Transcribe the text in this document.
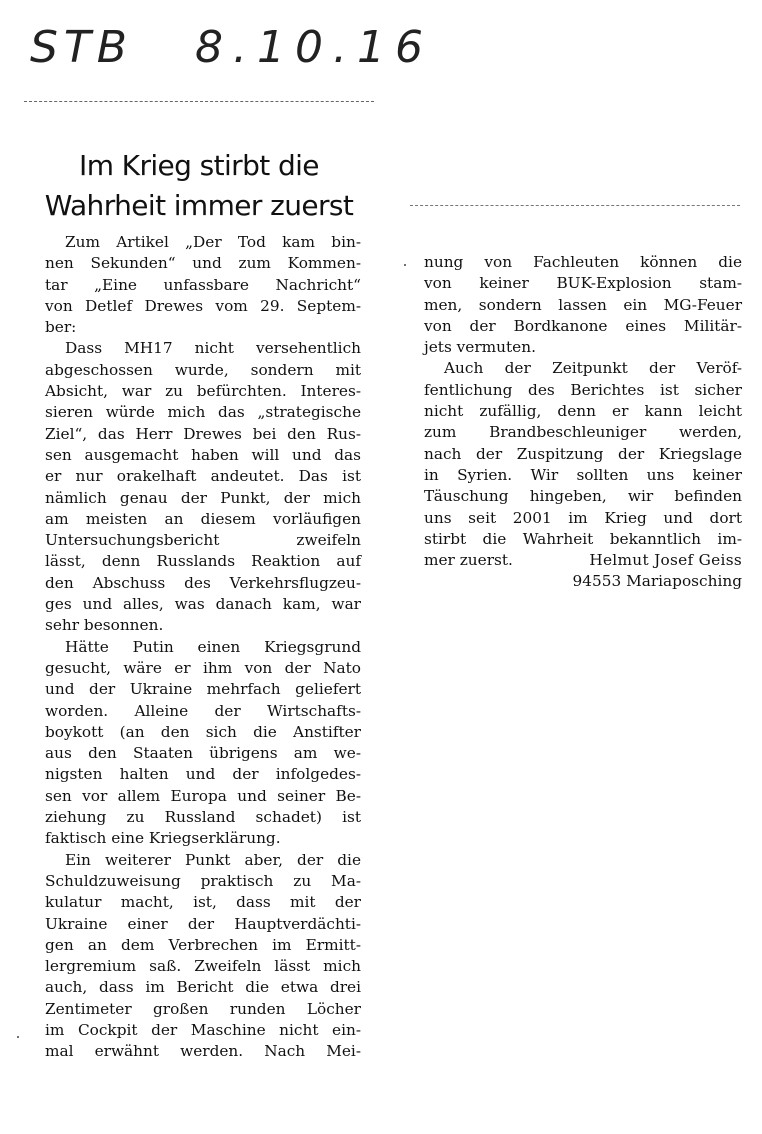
STB 8.10.16
Im Krieg stirbt die
Wahrheit immer zuerst
Zum Artikel „Der Tod kam bin-
nen Sekunden“ und zum Kommen-
tar „Eine unfassbare Nachricht“
von Detlef Drewes vom 29. Septem-
ber:
Dass MH17 nicht versehentlich
abgeschossen wurde, sondern mit
Absicht, war zu befürchten. Interes-
sieren würde mich das „strategische
Ziel“, das Herr Drewes bei den Rus-
sen ausgemacht haben will und das
er nur orakelhaft andeutet. Das ist
nämlich genau der Punkt, der mich
am meisten an diesem vorläufigen
Untersuchungsbericht zweifeln
lässt, denn Russlands Reaktion auf
den Abschuss des Verkehrsflugzeu-
ges und alles, was danach kam, war
sehr besonnen.
Hätte Putin einen Kriegsgrund
gesucht, wäre er ihm von der Nato
und der Ukraine mehrfach geliefert
worden. Alleine der Wirtschafts-
boykott (an den sich die Anstifter
aus den Staaten übrigens am we-
nigsten halten und der infolgedes-
sen vor allem Europa und seiner Be-
ziehung zu Russland schadet) ist
faktisch eine Kriegserklärung.
Ein weiterer Punkt aber, der die
Schuldzuweisung praktisch zu Ma-
kulatur macht, ist, dass mit der
Ukraine einer der Hauptverdächti-
gen an dem Verbrechen im Ermitt-
lergremium saß. Zweifeln lässt mich
auch, dass im Bericht die etwa drei
Zentimeter großen runden Löcher
im Cockpit der Maschine nicht ein-
mal erwähnt werden. Nach Mei-
nung von Fachleuten können die
von keiner BUK-Explosion stam-
men, sondern lassen ein MG-Feuer
von der Bordkanone eines Militär-
jets vermuten.
Auch der Zeitpunkt der Veröf-
fentlichung des Berichtes ist sicher
nicht zufällig, denn er kann leicht
zum Brandbeschleuniger werden,
nach der Zuspitzung der Kriegslage
in Syrien. Wir sollten uns keiner
Täuschung hingeben, wir befinden
uns seit 2001 im Krieg und dort
stirbt die Wahrheit bekanntlich im-
mer zuerst.	Helmut Josef Geiss
94553 Mariaposching
